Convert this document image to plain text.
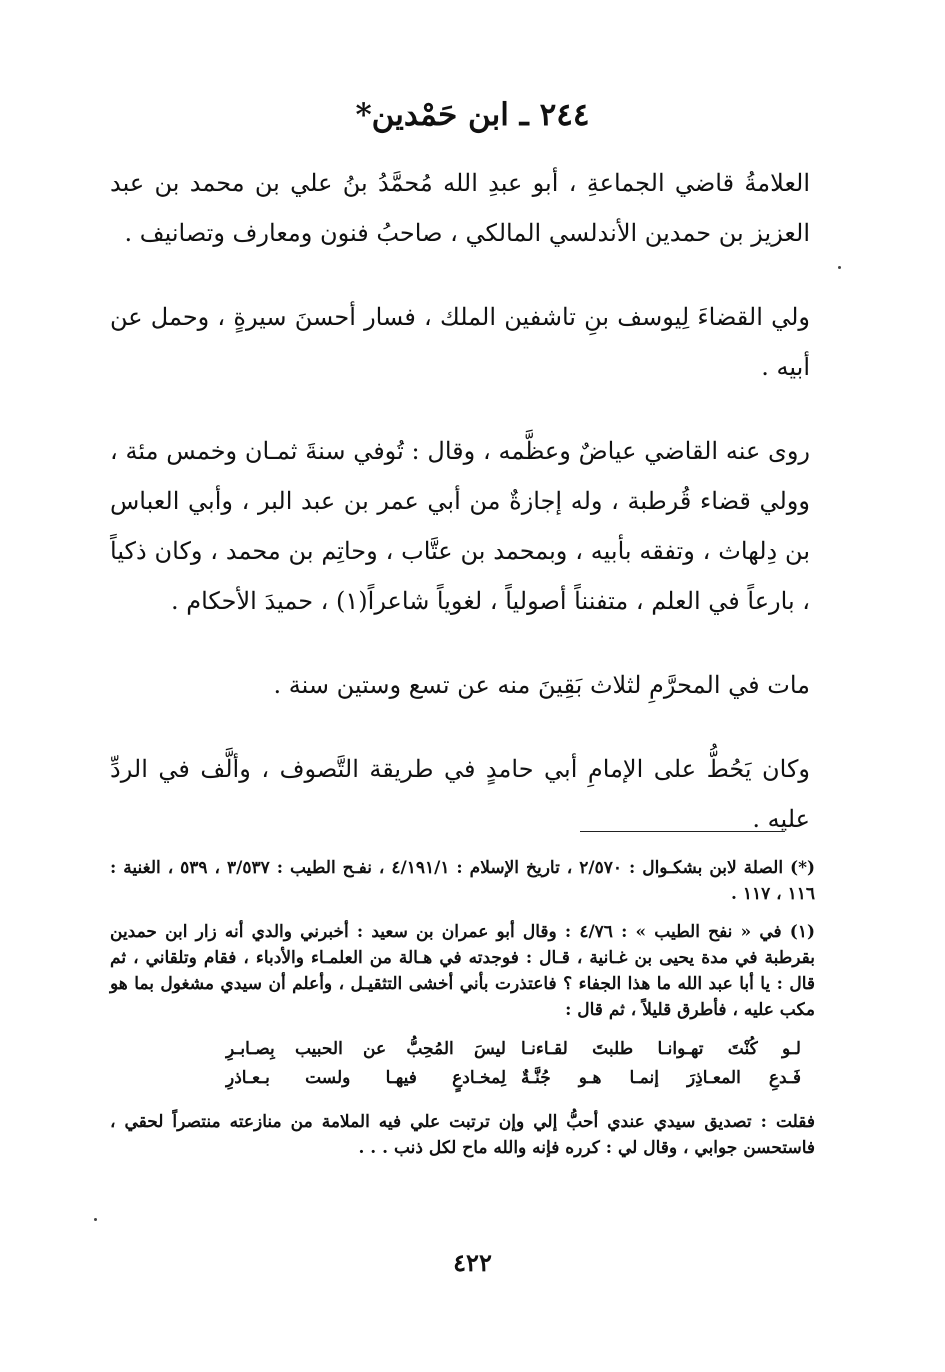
٢٤٤ ـ ابن حَمْدين*

العلامةُ قاضي الجماعةِ ، أبو عبدِ الله مُحمَّدُ بنُ علي بن محمد بن عبد العزيز بن حمدين الأندلسي المالكي ، صاحبُ فنون ومعارف وتصانيف .

ولي القضاءَ لِيوسف بنِ تاشفين الملك ، فسار أحسنَ سيرةٍ ، وحمل عن أبيه .

روى عنه القاضي عياضٌ وعظَّمه ، وقال : تُوفي سنةَ ثمـان وخمس مئة ، وولي قضاء قُرطبة ، وله إجازةٌ من أبي عمر بن عبد البر ، وأبي العباس بن دِلهاث ، وتفقه بأبيه ، وبمحمد بن عتَّاب ، وحاتِم بن محمد ، وكان ذكياً ، بارعاً في العلم ، متفنناً أصولياً ، لغوياً شاعراً(١) ، حميدَ الأحكام .

مات في المحرَّمِ لثلاث بَقِينَ منه عن تسع وستين سنة .

وكان يَحُطُّ على الإمامِ أبي حامدٍ في طريقة التَّصوف ، وألَّف في الردِّ عليه .

(*) الصلة لابن بشكـوال : ٢/٥٧٠ ، تاريخ الإسلام : ٤/١٩١/١ ، نفـح الطيب : ٣/٥٣٧ ، ٥٣٩ ، الغنية : ١١٦ ، ١١٧ .

(١) في « نفح الطيب » : ٤/٧٦ : وقال أبو عمران بن سعيد : أخبرني والدي أنه زار ابن حمدين بقرطبة في مدة يحيى بن غـانية ، قـال : فوجدته في هـالة من العلمـاء والأدباء ، فقام وتلقاني ، ثم قال : يا أبا عبد الله ما هذا الجفاء ؟ فاعتذرت بأني أخشى التثقيـل ، وأعلم أن سيدي مشغول بما هو مكب عليه ، فأطرق قليلاً ، ثم قال :

لـو كُنْتَ تهـوانـا طلبتَ لقـاءنـا
ليسَ المُحِبُّ عن الحبيب بِصـابـرِ
فَـدعِ المعـاذِرَ إنمـا هـو جُنَّـةٌ
لِمخـادعٍ فيهـا ولست بـعـاذرِ

فقلت : تصديق سيدي عندي أحبُّ إلي وإن ترتبت علي فيه الملامة من منازعته منتصراً لحقي ، فاستحسن جوابي ، وقال لي : كرره فإنه والله ماح لكل ذنب . . .

٤٢٢
